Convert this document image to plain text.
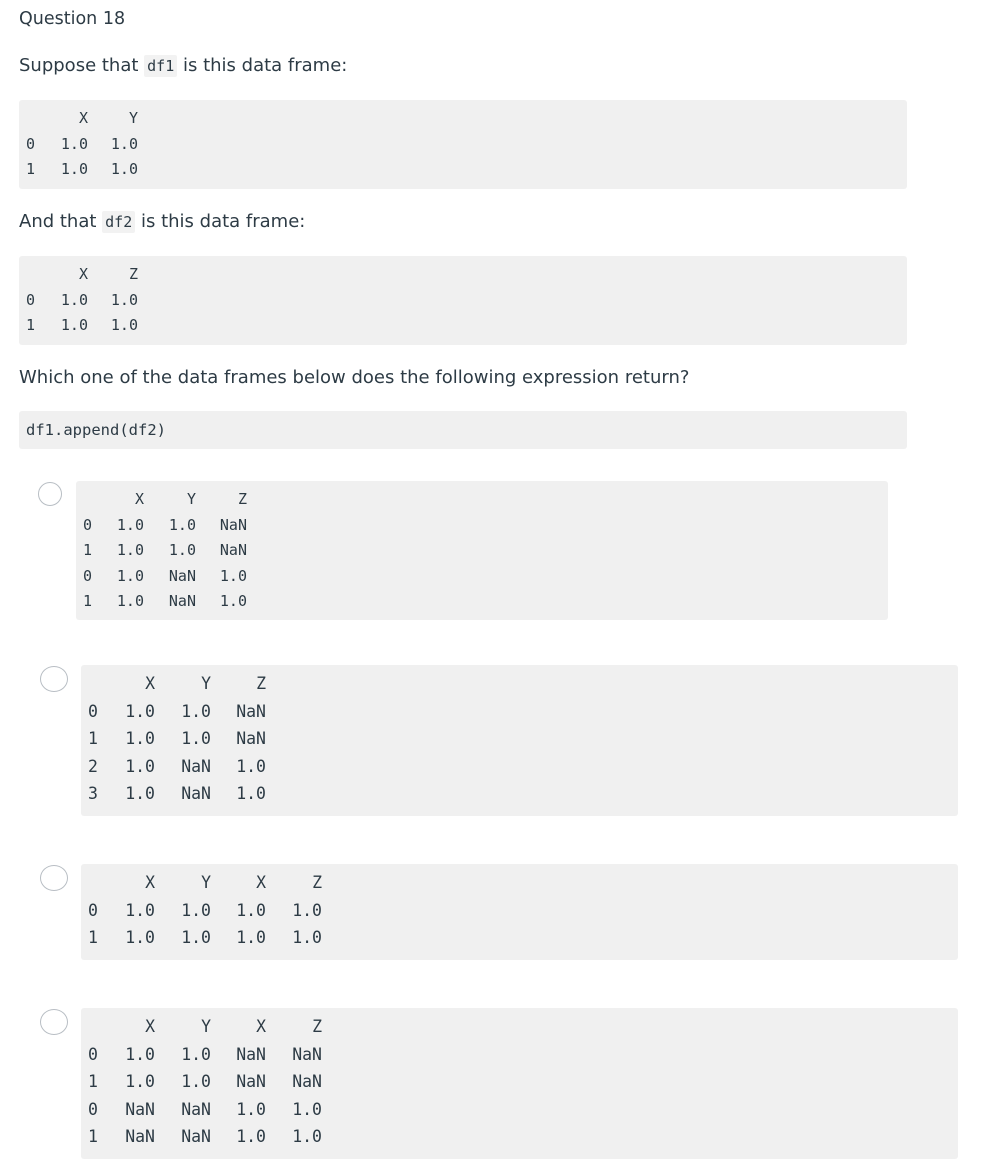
Question 18
Suppose that df1 is this data frame:
X	Y
0	1.0	1.0
1	1.0	1.0
And that df2 is this data frame:
X	Z
0	1.0	1.0
1	1.0	1.0
Which one of the data frames below does the following expression return?
df1.append(df2)
X	Y	Z
0	1.0	1.0	NaN
1	1.0	1.0	NaN
0	1.0	NaN	1.0
1	1.0	NaN	1.0
X	Y	Z
0	1.0	1.0	NaN
1	1.0	1.0	NaN
2	1.0	NaN	1.0
3	1.0	NaN	1.0
X	Y	X	Z
0	1.0	1.0	1.0	1.0
1	1.0	1.0	1.0	1.0
X	Y	X	Z
0	1.0	1.0	NaN	NaN
1	1.0	1.0	NaN	NaN
0	NaN	NaN	1.0	1.0
1	NaN	NaN	1.0	1.0
